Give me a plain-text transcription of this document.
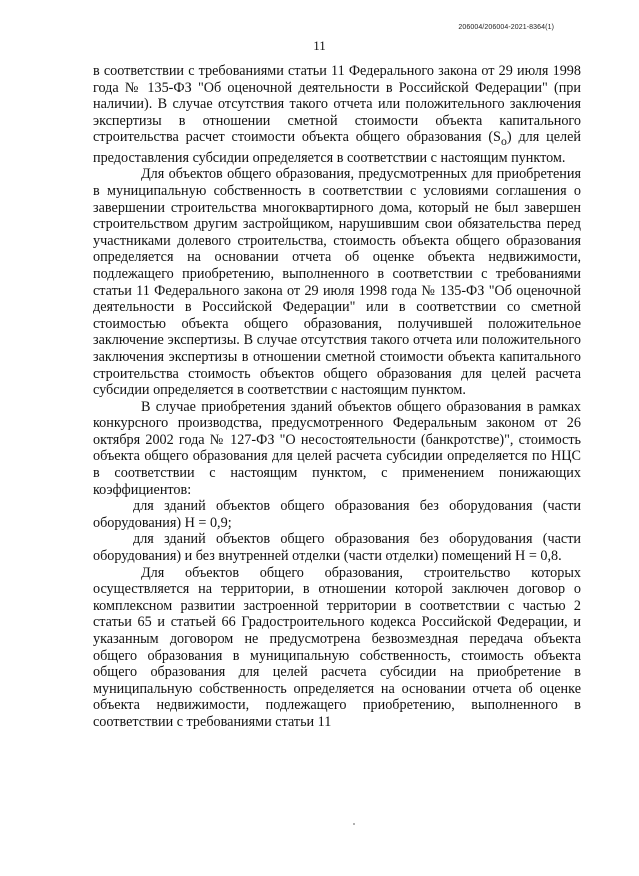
206004/206004-2021-8364(1)
11

в соответствии с требованиями статьи 11 Федерального закона от 29 июля 1998 года № 135-ФЗ "Об оценочной деятельности в Российской Федерации" (при наличии). В случае отсутствия такого отчета или положительного заключения экспертизы в отношении сметной стоимости объекта капитального строительства расчет стоимости объекта общего образования $(S_о)$ для целей предоставления субсидии определяется в соответствии с настоящим пунктом.

Для объектов общего образования, предусмотренных для приобретения в муниципальную собственность в соответствии с условиями соглашения о завершении строительства многоквартирного дома, который не был завершен строительством другим застройщиком, нарушившим свои обязательства перед участниками долевого строительства, стоимость объекта общего образования определяется на основании отчета об оценке объекта недвижимости, подлежащего приобретению, выполненного в соответствии с требованиями статьи 11 Федерального закона от 29 июля 1998 года № 135-ФЗ "Об оценочной деятельности в Российской Федерации" или в соответствии со сметной стоимостью объекта общего образования, получившей положительное заключение экспертизы. В случае отсутствия такого отчета или положительного заключения экспертизы в отношении сметной стоимости объекта капитального строительства стоимость объектов общего образования для целей расчета субсидии определяется в соответствии с настоящим пунктом.

В случае приобретения зданий объектов общего образования в рамках конкурсного производства, предусмотренного Федеральным законом от 26 октября 2002 года № 127-ФЗ "О несостоятельности (банкротстве)", стоимость объекта общего образования для целей расчета субсидии определяется по НЦС в соответствии с настоящим пунктом, с применением понижающих коэффициентов:

для зданий объектов общего образования без оборудования (части оборудования) Н = 0,9;

для зданий объектов общего образования без оборудования (части оборудования) и без внутренней отделки (части отделки) помещений Н = 0,8.

Для объектов общего образования, строительство которых осуществляется на территории, в отношении которой заключен договор о комплексном развитии застроенной территории в соответствии с частью 2 статьи 65 и статьей 66 Градостроительного кодекса Российской Федерации, и указанным договором не предусмотрена безвозмездная передача объекта общего образования в муниципальную собственность, стоимость объекта общего образования для целей расчета субсидии на приобретение в муниципальную собственность определяется на основании отчета об оценке объекта недвижимости, подлежащего приобретению, выполненного в соответствии с требованиями статьи 11
